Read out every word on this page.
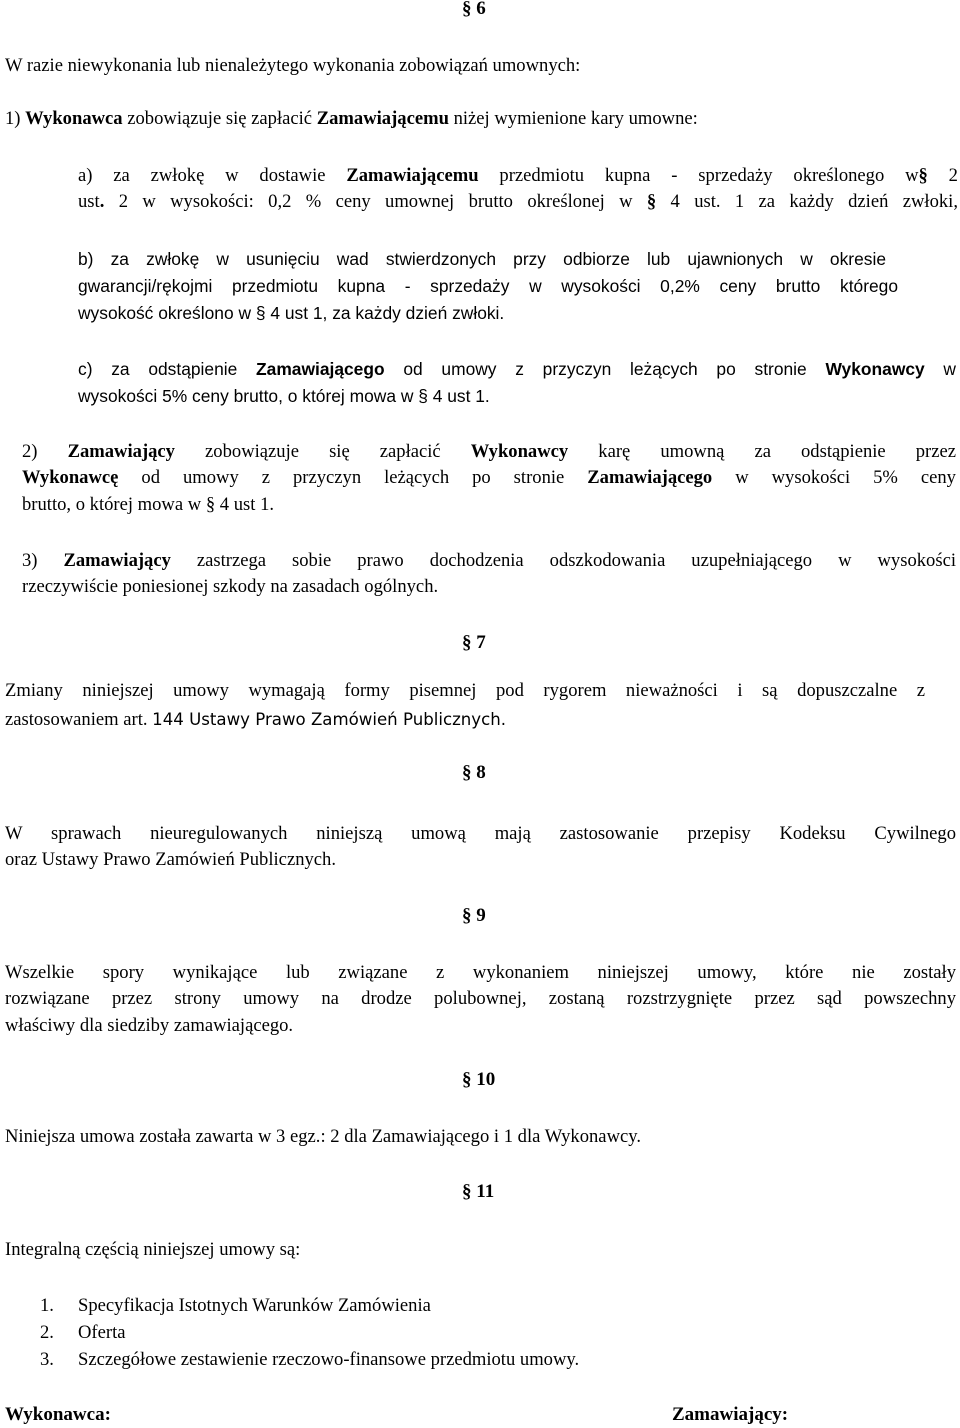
§ 6
W razie niewykonania lub nienależytego wykonania zobowiązań umownych:
1) Wykonawca zobowiązuje się zapłacić Zamawiającemu niżej wymienione kary umowne:
a) za zwłokę w dostawie Zamawiającemu przedmiotu kupna - sprzedaży określonego w§ 2
ust. 2 w wysokości: 0,2 % ceny umownej brutto określonej w § 4 ust. 1 za każdy dzień zwłoki,
b) za zwłokę w usunięciu wad stwierdzonych przy odbiorze lub ujawnionych w okresie
gwarancji/rękojmi przedmiotu kupna - sprzedaży w wysokości 0,2% ceny brutto którego
wysokość określono w § 4 ust 1, za każdy dzień zwłoki.
c) za odstąpienie Zamawiającego od umowy z przyczyn leżących po stronie Wykonawcy w
wysokości 5% ceny brutto, o której mowa w § 4 ust 1.
2) Zamawiający zobowiązuje się zapłacić Wykonawcy karę umowną za odstąpienie przez
Wykonawcę od umowy z przyczyn leżących po stronie Zamawiającego w wysokości 5% ceny
brutto, o której mowa w § 4 ust 1.
3) Zamawiający zastrzega sobie prawo dochodzenia odszkodowania uzupełniającego w wysokości
rzeczywiście poniesionej szkody na zasadach ogólnych.
§ 7
Zmiany niniejszej umowy wymagają formy pisemnej pod rygorem nieważności i są dopuszczalne z
zastosowaniem art. 144 Ustawy Prawo Zamówień Publicznych.
§ 8
W sprawach nieuregulowanych niniejszą umową mają zastosowanie przepisy Kodeksu Cywilnego
oraz Ustawy Prawo Zamówień Publicznych.
§ 9
Wszelkie spory wynikające lub związane z wykonaniem niniejszej umowy, które nie zostały
rozwiązane przez strony umowy na drodze polubownej, zostaną rozstrzygnięte przez sąd powszechny
właściwy dla siedziby zamawiającego.
§ 10
Niniejsza umowa została zawarta w 3 egz.: 2 dla Zamawiającego i 1 dla Wykonawcy.
§ 11
Integralną częścią niniejszej umowy są:
1. Specyfikacja Istotnych Warunków Zamówienia
2. Oferta
3. Szczegółowe zestawienie rzeczowo-finansowe przedmiotu umowy.
Wykonawca:	Zamawiający:
